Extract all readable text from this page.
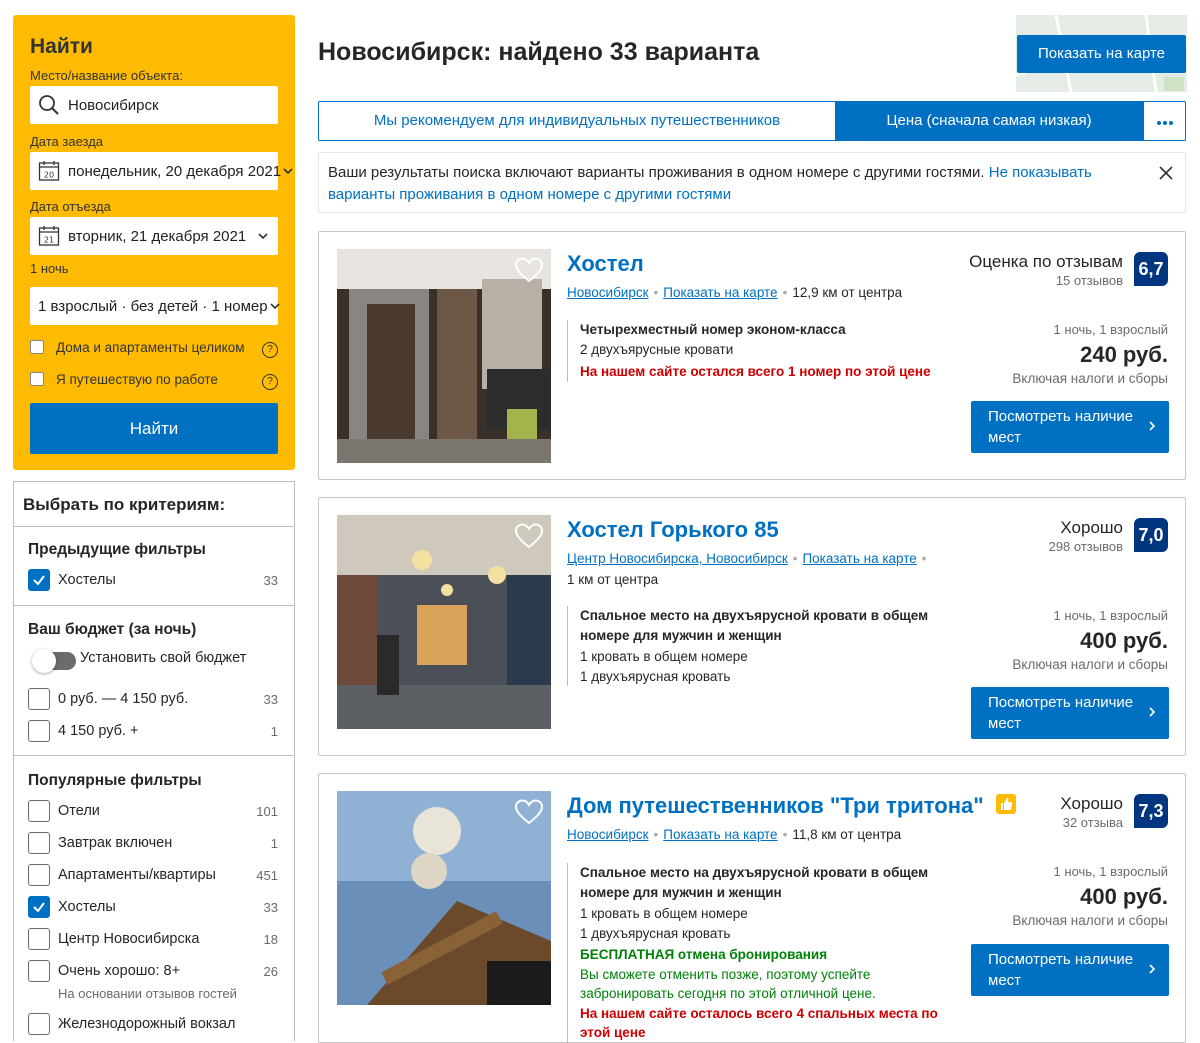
Найти
Место/название объекта:
Новосибирск
Дата заезда
20 понедельник, 20 декабря 2021
Дата отъезда
21 вторник, 21 декабря 2021
1 ночь
1 взрослый · без детей · 1 номер
Дома и апартаменты целиком	?
Я путешествую по работе	?
Найти
Выбрать по критериям:
Предыдущие фильтры
Хостелы	33
Ваш бюджет (за ночь)
Установить свой бюджет
0 руб. — 4 150 руб.	33
4 150 руб. +	1
Популярные фильтры
Отели	101
Завтрак включен	1
Апартаменты/квартиры	451
Хостелы	33
Центр Новосибирска	18
Очень хорошо: 8+	26
На основании отзывов гостей
Железнодорожный вокзал
Новосибирск: найдено 33 варианта	Показать на карте
Мы рекомендуем для индивидуальных путешественников	Цена (сначала самая низкая)
Ваши результаты поиска включают варианты проживания в одном номере с другими гостями. Не показывать варианты проживания в одном номере с другими гостями
Хостел
Новосибирск • Показать на карте • 12,9 км от центра
Оценка по отзывам
15 отзывов
6,7
Четырехместный номер эконом-класса
2 двухъярусные кровати
На нашем сайте остался всего 1 номер по этой цене
1 ночь, 1 взрослый
240 руб.
Включая налоги и сборы
Посмотреть наличие мест
Хостел Горького 85
Центр Новосибирска, Новосибирск • Показать на карте •
1 км от центра
Хорошо
298 отзывов
7,0
Спальное место на двухъярусной кровати в общем номере для мужчин и женщин
1 кровать в общем номере
1 двухъярусная кровать
1 ночь, 1 взрослый
400 руб.
Включая налоги и сборы
Посмотреть наличие мест
Дом путешественников "Три тритона"
Новосибирск • Показать на карте • 11,8 км от центра
Хорошо
32 отзыва
7,3
Спальное место на двухъярусной кровати в общем номере для мужчин и женщин
1 кровать в общем номере
1 двухъярусная кровать
БЕСПЛАТНАЯ отмена бронирования
Вы сможете отменить позже, поэтому успейте забронировать сегодня по этой отличной цене.
На нашем сайте осталось всего 4 спальных места по этой цене
1 ночь, 1 взрослый
400 руб.
Включая налоги и сборы
Посмотреть наличие мест
